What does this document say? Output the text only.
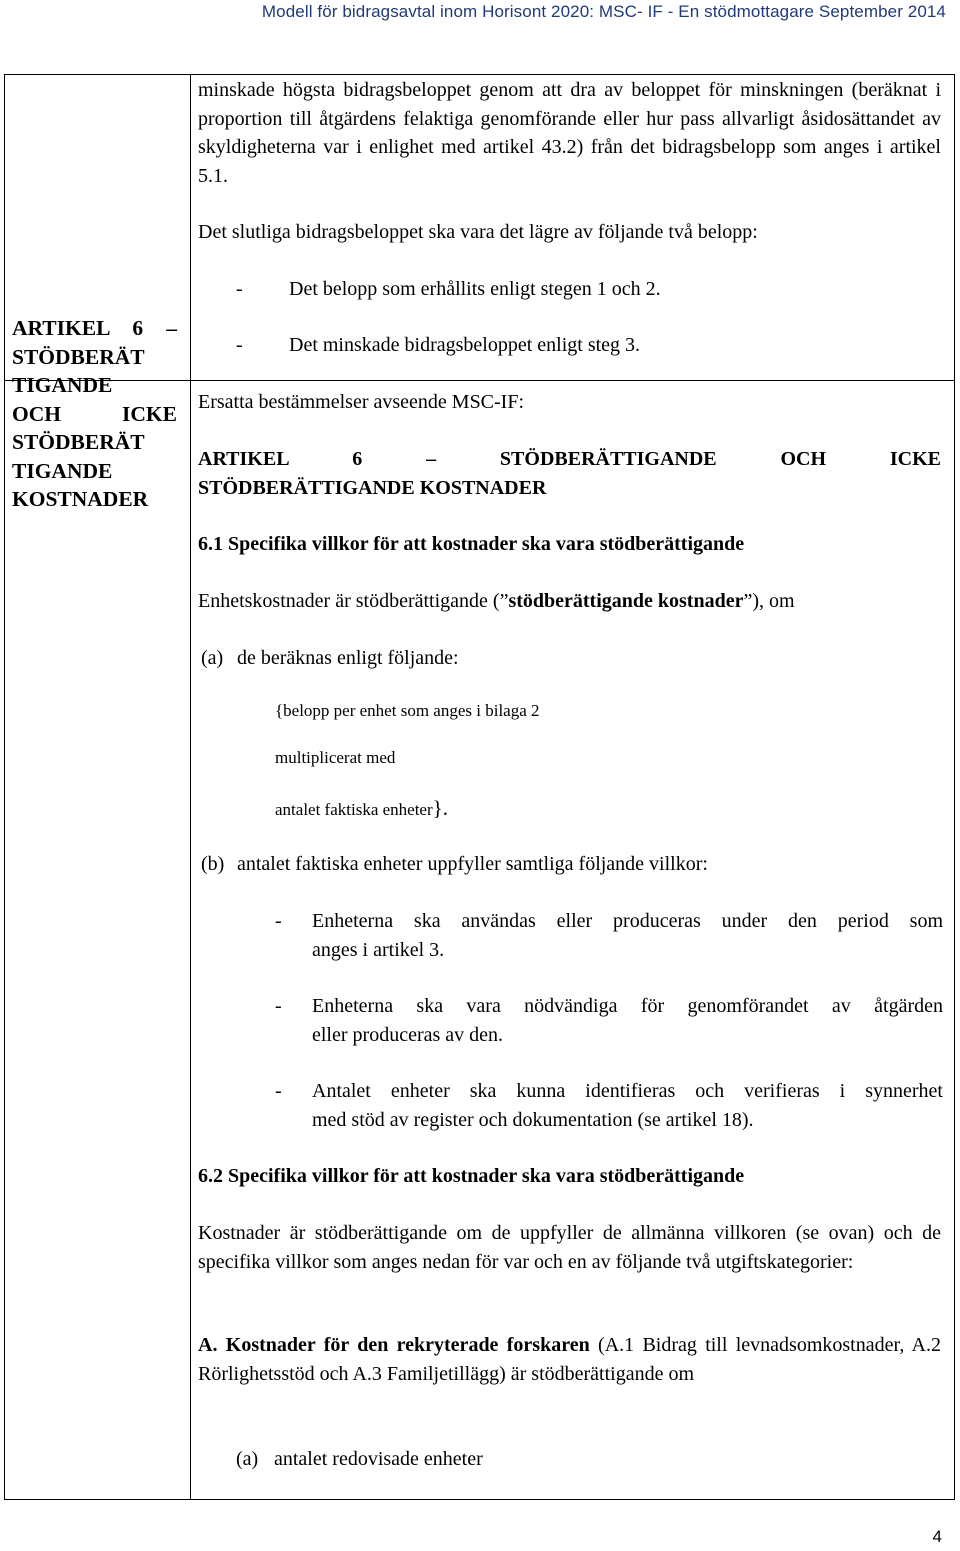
Modell för bidragsavtal inom Horisont 2020: MSC- IF - En stödmottagare September 2014

minskade högsta bidragsbeloppet genom att dra av beloppet för minskningen (beräknat i proportion till åtgärdens felaktiga genomförande eller hur pass allvarligt åsidosättandet av skyldigheterna var i enlighet med artikel 43.2) från det bidragsbelopp som anges i artikel 5.1.

Det slutliga bidragsbeloppet ska vara det lägre av följande två belopp:

- Det belopp som erhållits enligt stegen 1 och 2.
- Det minskade bidragsbeloppet enligt steg 3.
ARTIKEL 6 –
STÖDBERÄT
TIGANDE
OCH ICKE
STÖDBERÄT
TIGANDE
KOSTNADER
Ersatta bestämmelser avseende MSC-IF:
ARTIKEL 6 – STÖDBERÄTTIGANDE OCH ICKE
STÖDBERÄTTIGANDE KOSTNADER
6.1 Specifika villkor för att kostnader ska vara stödberättigande
Enhetskostnader är stödberättigande (”stödberättigande kostnader”), om
(a) de beräknas enligt följande:
{belopp per enhet som anges i bilaga 2
multiplicerat med
antalet faktiska enheter}.
(b) antalet faktiska enheter uppfyller samtliga följande villkor:
- Enheterna ska användas eller produceras under den period som
anges i artikel 3.
- Enheterna ska vara nödvändiga för genomförandet av åtgärden
eller produceras av den.
- Antalet enheter ska kunna identifieras och verifieras i synnerhet
med stöd av register och dokumentation (se artikel 18).
6.2 Specifika villkor för att kostnader ska vara stödberättigande
Kostnader är stödberättigande om de uppfyller de allmänna villkoren (se ovan) och de specifika villkor som anges nedan för var och en av följande två utgiftskategorier:
A. Kostnader för den rekryterade forskaren (A.1 Bidrag till levnadsomkostnader, A.2 Rörlighetsstöd och A.3 Familjetillägg) är stödberättigande om
(a) antalet redovisade enheter
4
